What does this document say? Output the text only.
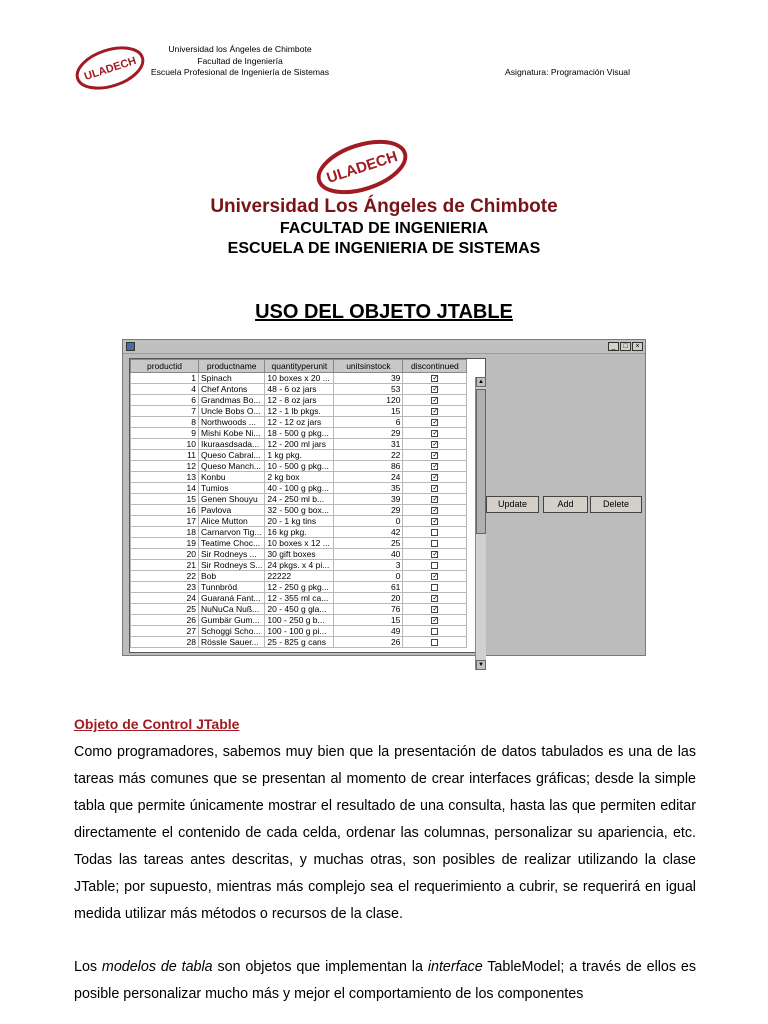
ULADECH
Universidad los Ángeles de Chimbote
Facultad de Ingeniería
Escuela Profesional de Ingeniería de Sistemas	Asignatura: Programación Visual
ULADECH
Universidad Los Ángeles de Chimbote
FACULTAD DE INGENIERIA
ESCUELA DE INGENIERIA DE SISTEMAS
USO DEL OBJETO JTABLE
_	□	×
productid	productname	quantityperunit	unitsinstock	discontinued
1	Spinach	10 boxes x 20 ...	39	✓
4	Chef Antons	48 - 6 oz jars	53	✓
6	Grandmas Bo...	12 - 8 oz jars	120	✓
7	Uncle Bobs O...	12 - 1 lb pkgs.	15	✓
8	Northwoods ...	12 - 12 oz jars	6	✓
9	Mishi Kobe Ni...	18 - 500 g pkg...	29	✓
10	Ikuraasdsada...	12 - 200 ml jars	31	✓
11	Queso Cabral...	1 kg pkg.	22	✓
12	Queso Manch...	10 - 500 g pkg...	86	✓
13	Konbu	2 kg box	24	✓
14	Tumios	40 - 100 g pkg...	35	✓
15	Genen Shouyu	24 - 250 ml b...	39	✓
16	Pavlova	32 - 500 g box...	29	✓
17	Alice Mutton	20 - 1 kg tins	0	✓
18	Carnarvon Tig...	16 kg pkg.	42	
19	Teatime Choc...	10 boxes x 12 ...	25	
20	Sir Rodneys ...	30 gift boxes	40	✓
21	Sir Rodneys S...	24 pkgs. x 4 pi...	3	
22	Bob	22222	0	✓
23	Tunnbröd	12 - 250 g pkg...	61	
24	Guaraná Fant...	12 - 355 ml ca...	20	✓
25	NuNuCa Nuß...	20 - 450 g gla...	76	✓
26	Gumbär Gum...	100 - 250 g b...	15	✓
27	Schoggi Scho...	100 - 100 g pi...	49	
28	Rössle Sauer...	25 - 825 g cans	26	
▲
▼
Update	Add	Delete
Objeto de Control JTable
Como programadores, sabemos muy bien que la presentación de datos tabulados es una de las tareas más comunes que se presentan al momento de crear interfaces gráficas; desde la simple tabla que permite únicamente mostrar el resultado de una consulta, hasta las que permiten editar directamente el contenido de cada celda, ordenar las columnas, personalizar su apariencia, etc. Todas las tareas antes descritas, y muchas otras, son posibles de realizar utilizando la clase JTable; por supuesto, mientras más complejo sea el requerimiento a cubrir, se requerirá en igual medida utilizar más métodos o recursos de la clase.
Los modelos de tabla son objetos que implementan la interface TableModel; a través de ellos es posible personalizar mucho más y mejor el comportamiento de los componentes
